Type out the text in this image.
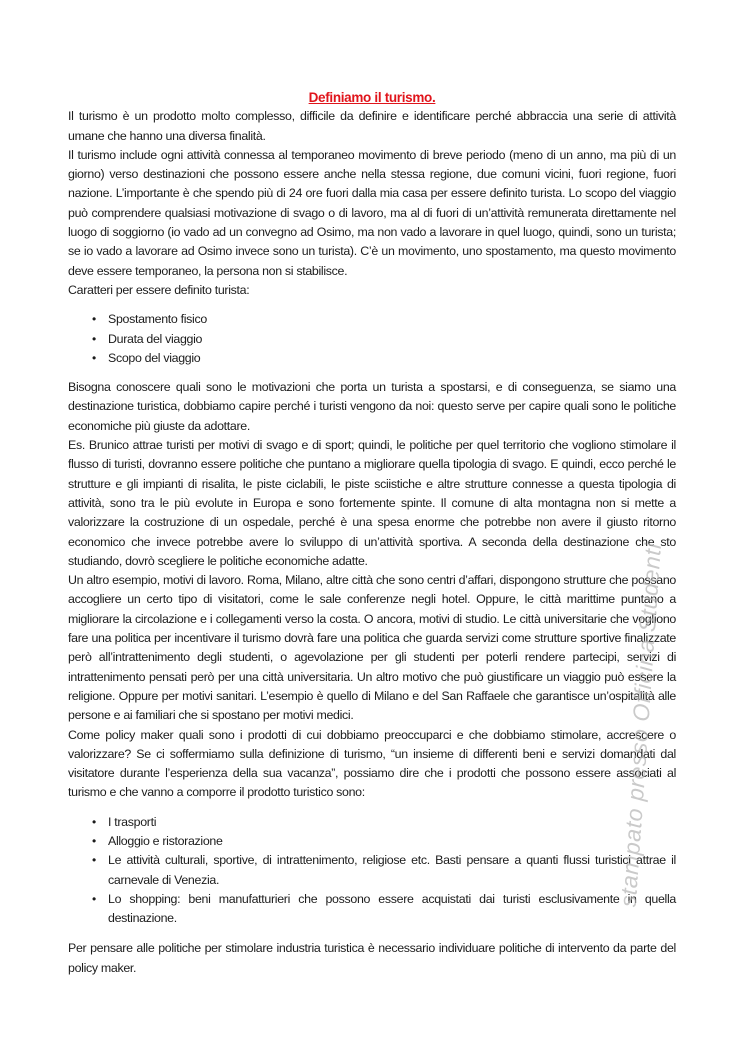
Definiamo il turismo.

Il turismo è un prodotto molto complesso, difficile da definire e identificare perché abbraccia una serie di attività umane che hanno una diversa finalità.

Il turismo include ogni attività connessa al temporaneo movimento di breve periodo (meno di un anno, ma più di un giorno) verso destinazioni che possono essere anche nella stessa regione, due comuni vicini, fuori regione, fuori nazione. L’importante è che spendo più di 24 ore fuori dalla mia casa per essere definito turista. Lo scopo del viaggio può comprendere qualsiasi motivazione di svago o di lavoro, ma al di fuori di un’attività remunerata direttamente nel luogo di soggiorno (io vado ad un convegno ad Osimo, ma non vado a lavorare in quel luogo, quindi, sono un turista; se io vado a lavorare ad Osimo invece sono un turista). C’è un movimento, uno spostamento, ma questo movimento deve essere temporaneo, la persona non si stabilisce.

Caratteri per essere definito turista:

• Spostamento fisico
• Durata del viaggio
• Scopo del viaggio

Bisogna conoscere quali sono le motivazioni che porta un turista a spostarsi, e di conseguenza, se siamo una destinazione turistica, dobbiamo capire perché i turisti vengono da noi: questo serve per capire quali sono le politiche economiche più giuste da adottare.

Es. Brunico attrae turisti per motivi di svago e di sport; quindi, le politiche per quel territorio che vogliono stimolare il flusso di turisti, dovranno essere politiche che puntano a migliorare quella tipologia di svago. E quindi, ecco perché le strutture e gli impianti di risalita, le piste ciclabili, le piste sciistiche e altre strutture connesse a questa tipologia di attività, sono tra le più evolute in Europa e sono fortemente spinte. Il comune di alta montagna non si mette a valorizzare la costruzione di un ospedale, perché è una spesa enorme che potrebbe non avere il giusto ritorno economico che invece potrebbe avere lo sviluppo di un’attività sportiva. A seconda della destinazione che sto studiando, dovrò scegliere le politiche economiche adatte.

Un altro esempio, motivi di lavoro. Roma, Milano, altre città che sono centri d’affari, dispongono strutture che possano accogliere un certo tipo di visitatori, come le sale conferenze negli hotel. Oppure, le città marittime puntano a migliorare la circolazione e i collegamenti verso la costa. O ancora, motivi di studio. Le città universitarie che vogliono fare una politica per incentivare il turismo dovrà fare una politica che guarda servizi come strutture sportive finalizzate però all’intrattenimento degli studenti, o agevolazione per gli studenti per poterli rendere partecipi, servizi di intrattenimento pensati però per una città universitaria. Un altro motivo che può giustificare un viaggio può essere la religione. Oppure per motivi sanitari. L’esempio è quello di Milano e del San Raffaele che garantisce un’ospitalità alle persone e ai familiari che si spostano per motivi medici.

Come policy maker quali sono i prodotti di cui dobbiamo preoccuparci e che dobbiamo stimolare, accrescere o valorizzare? Se ci soffermiamo sulla definizione di turismo, “un insieme di differenti beni e servizi domandati dal visitatore durante l’esperienza della sua vacanza”, possiamo dire che i prodotti che possono essere associati al turismo e che vanno a comporre il prodotto turistico sono:

• I trasporti
• Alloggio e ristorazione
• Le attività culturali, sportive, di intrattenimento, religiose etc. Basti pensare a quanti flussi turistici attrae il carnevale di Venezia.
• Lo shopping: beni manufatturieri che possono essere acquistati dai turisti esclusivamente in quella destinazione.

Per pensare alle politiche per stimolare industria turistica è necessario individuare politiche di intervento da parte del policy maker.

stampato presso Officina Studenti
